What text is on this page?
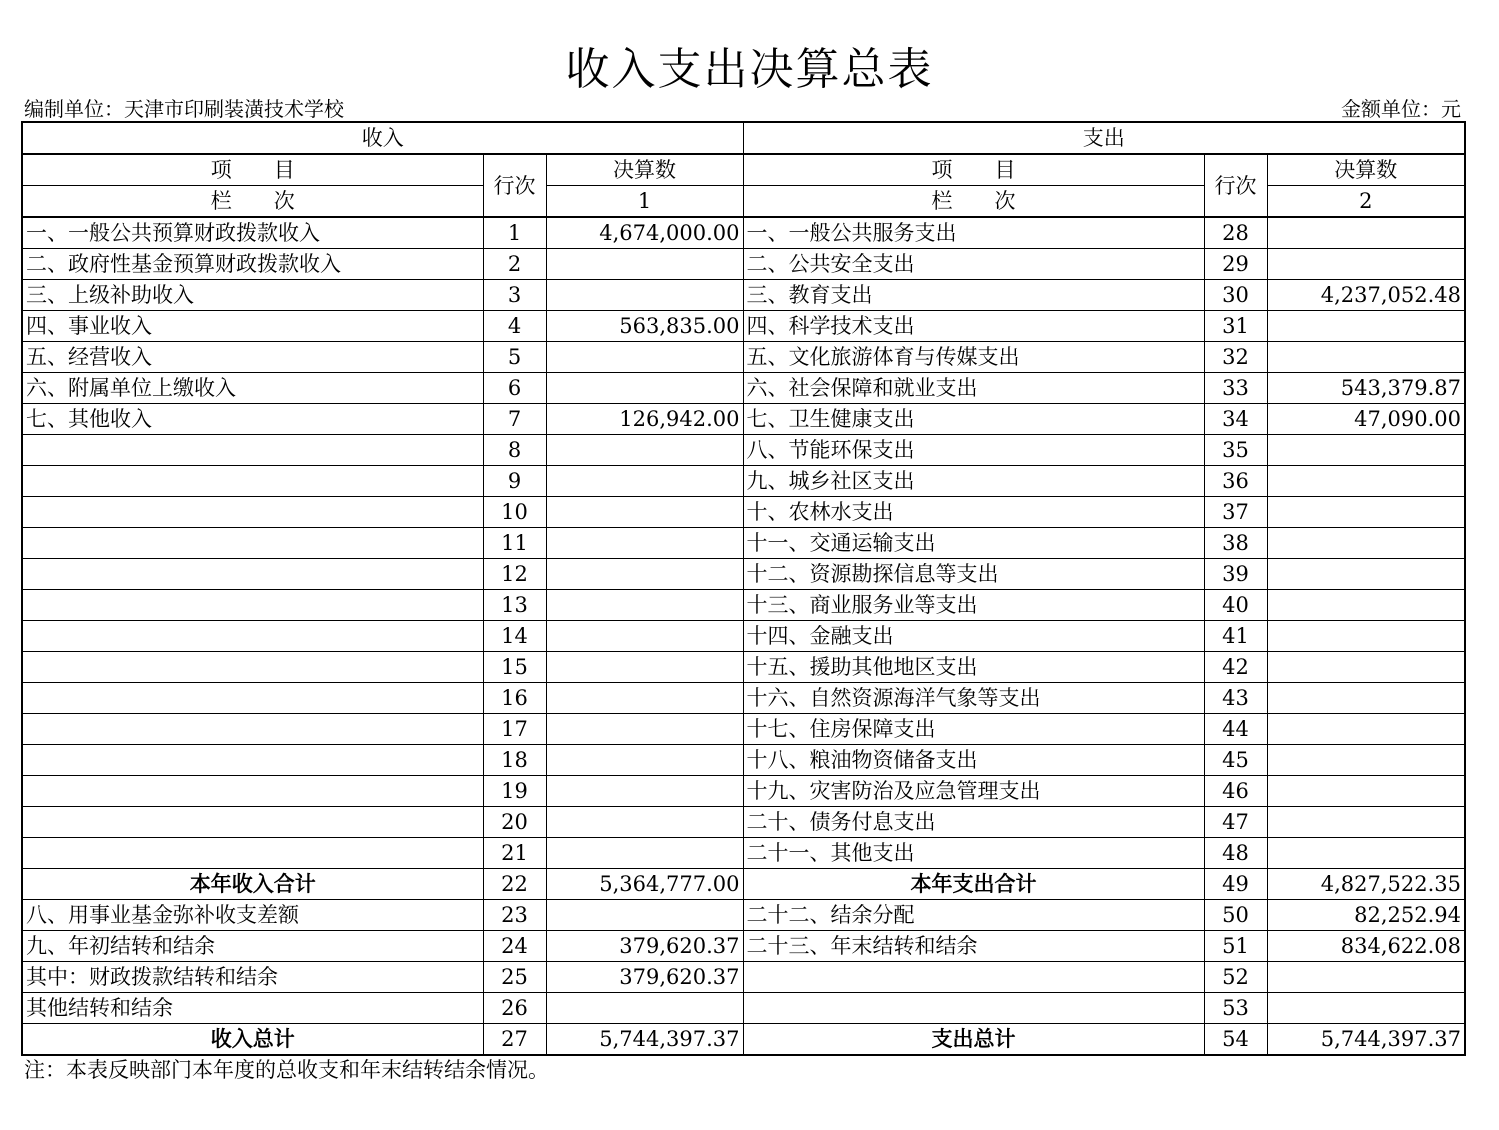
收入支出决算总表
编制单位：天津市印刷装潢技术学校	金额单位：元
收入			支出		
项　　目	行次	决算数	项　　目	行次	决算数
栏　　次		1	栏　　次		2
一、一般公共预算财政拨款收入	1	4,674,000.00	一、一般公共服务支出	28	
二、政府性基金预算财政拨款收入	2		二、公共安全支出	29	
三、上级补助收入	3		三、教育支出	30	4,237,052.48
四、事业收入	4	563,835.00	四、科学技术支出	31	
五、经营收入	5		五、文化旅游体育与传媒支出	32	
六、附属单位上缴收入	6		六、社会保障和就业支出	33	543,379.87
七、其他收入	7	126,942.00	七、卫生健康支出	34	47,090.00
	8		八、节能环保支出	35	
	9		九、城乡社区支出	36	
	10		十、农林水支出	37	
	11		十一、交通运输支出	38	
	12		十二、资源勘探信息等支出	39	
	13		十三、商业服务业等支出	40	
	14		十四、金融支出	41	
	15		十五、援助其他地区支出	42	
	16		十六、自然资源海洋气象等支出	43	
	17		十七、住房保障支出	44	
	18		十八、粮油物资储备支出	45	
	19		十九、灾害防治及应急管理支出	46	
	20		二十、债务付息支出	47	
	21		二十一、其他支出	48	
本年收入合计	22	5,364,777.00	本年支出合计	49	4,827,522.35
八、用事业基金弥补收支差额	23		二十二、结余分配	50	82,252.94
九、年初结转和结余	24	379,620.37	二十三、年末结转和结余	51	834,622.08
其中：财政拨款结转和结余	25	379,620.37		52	
其他结转和结余	26			53	
收入总计	27	5,744,397.37	支出总计	54	5,744,397.37
注：本表反映部门本年度的总收支和年末结转结余情况。
